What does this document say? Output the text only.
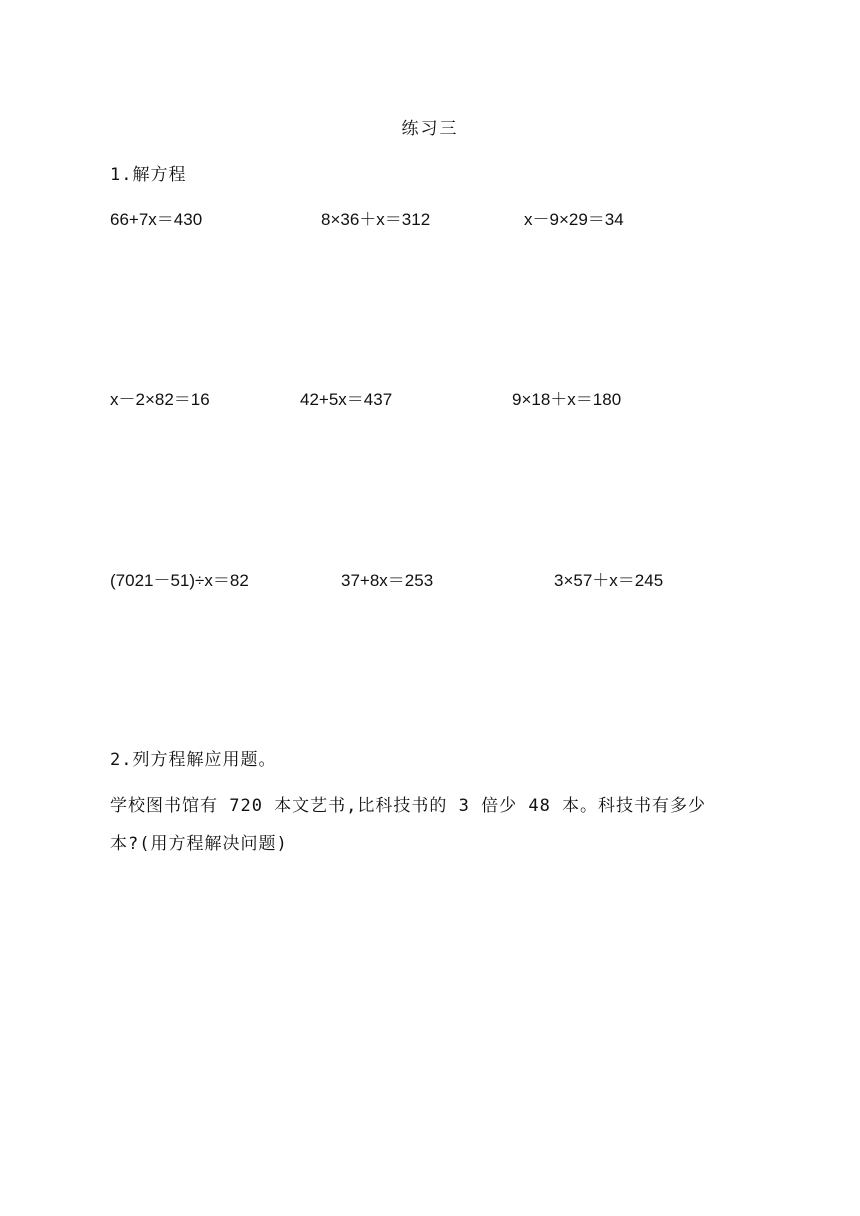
练习三
1.解方程
66+7x＝430	8×36＋x＝312	x－9×29＝34
x－2×82＝16	42+5x＝437	9×18＋x＝180
(7021－51)÷x＝82	37+8x＝253	3×57＋x＝245
2.列方程解应用题。
学校图书馆有 720 本文艺书,比科技书的 3 倍少 48 本。科技书有多少
本?(用方程解决问题)
